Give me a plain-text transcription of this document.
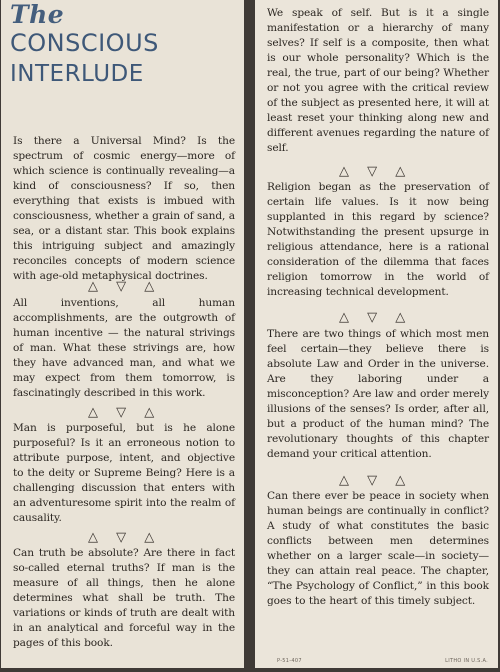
The
CONSCIOUS
INTERLUDE

Is there a Universal Mind? Is the spectrum of cosmic energy—more of which science is continually revealing—a kind of consciousness? If so, then everything that exists is imbued with consciousness, whether a grain of sand, a sea, or a distant star. This book explains this intriguing subject and amazingly reconciles concepts of modern science with age-old metaphysical doctrines.

△ ▽ △

All inventions, all human accomplishments, are the outgrowth of human incentive — the natural strivings of man. What these strivings are, how they have advanced man, and what we may expect from them tomorrow, is fascinatingly described in this work.

△ ▽ △

Man is purposeful, but is he alone purposeful? Is it an erroneous notion to attribute purpose, intent, and objective to the deity or Supreme Being? Here is a challenging discussion that enters with an adventuresome spirit into the realm of causality.

△ ▽ △

Can truth be absolute? Are there in fact so-called eternal truths? If man is the measure of all things, then he alone determines what shall be truth. The variations or kinds of truth are dealt with in an analytical and forceful way in the pages of this book.

We speak of self. But is it a single manifestation or a hierarchy of many selves? If self is a composite, then what is our whole personality? Which is the real, the true, part of our being? Whether or not you agree with the critical review of the subject as presented here, it will at least reset your thinking along new and different avenues regarding the nature of self.

△ ▽ △

Religion began as the preservation of certain life values. Is it now being supplanted in this regard by science? Notwithstanding the present upsurge in religious attendance, here is a rational consideration of the dilemma that faces religion tomorrow in the world of increasing technical development.

△ ▽ △

There are two things of which most men feel certain—they believe there is absolute Law and Order in the universe. Are they laboring under a misconception? Are law and order merely illusions of the senses? Is order, after all, but a product of the human mind? The revolutionary thoughts of this chapter demand your critical attention.

△ ▽ △

Can there ever be peace in society when human beings are continually in conflict? A study of what constitutes the basic conflicts between men determines whether on a larger scale—in society—they can attain real peace. The chapter, “The Psychology of Conflict,” in this book goes to the heart of this timely subject.

P-51-407	LITHO IN U.S.A.
